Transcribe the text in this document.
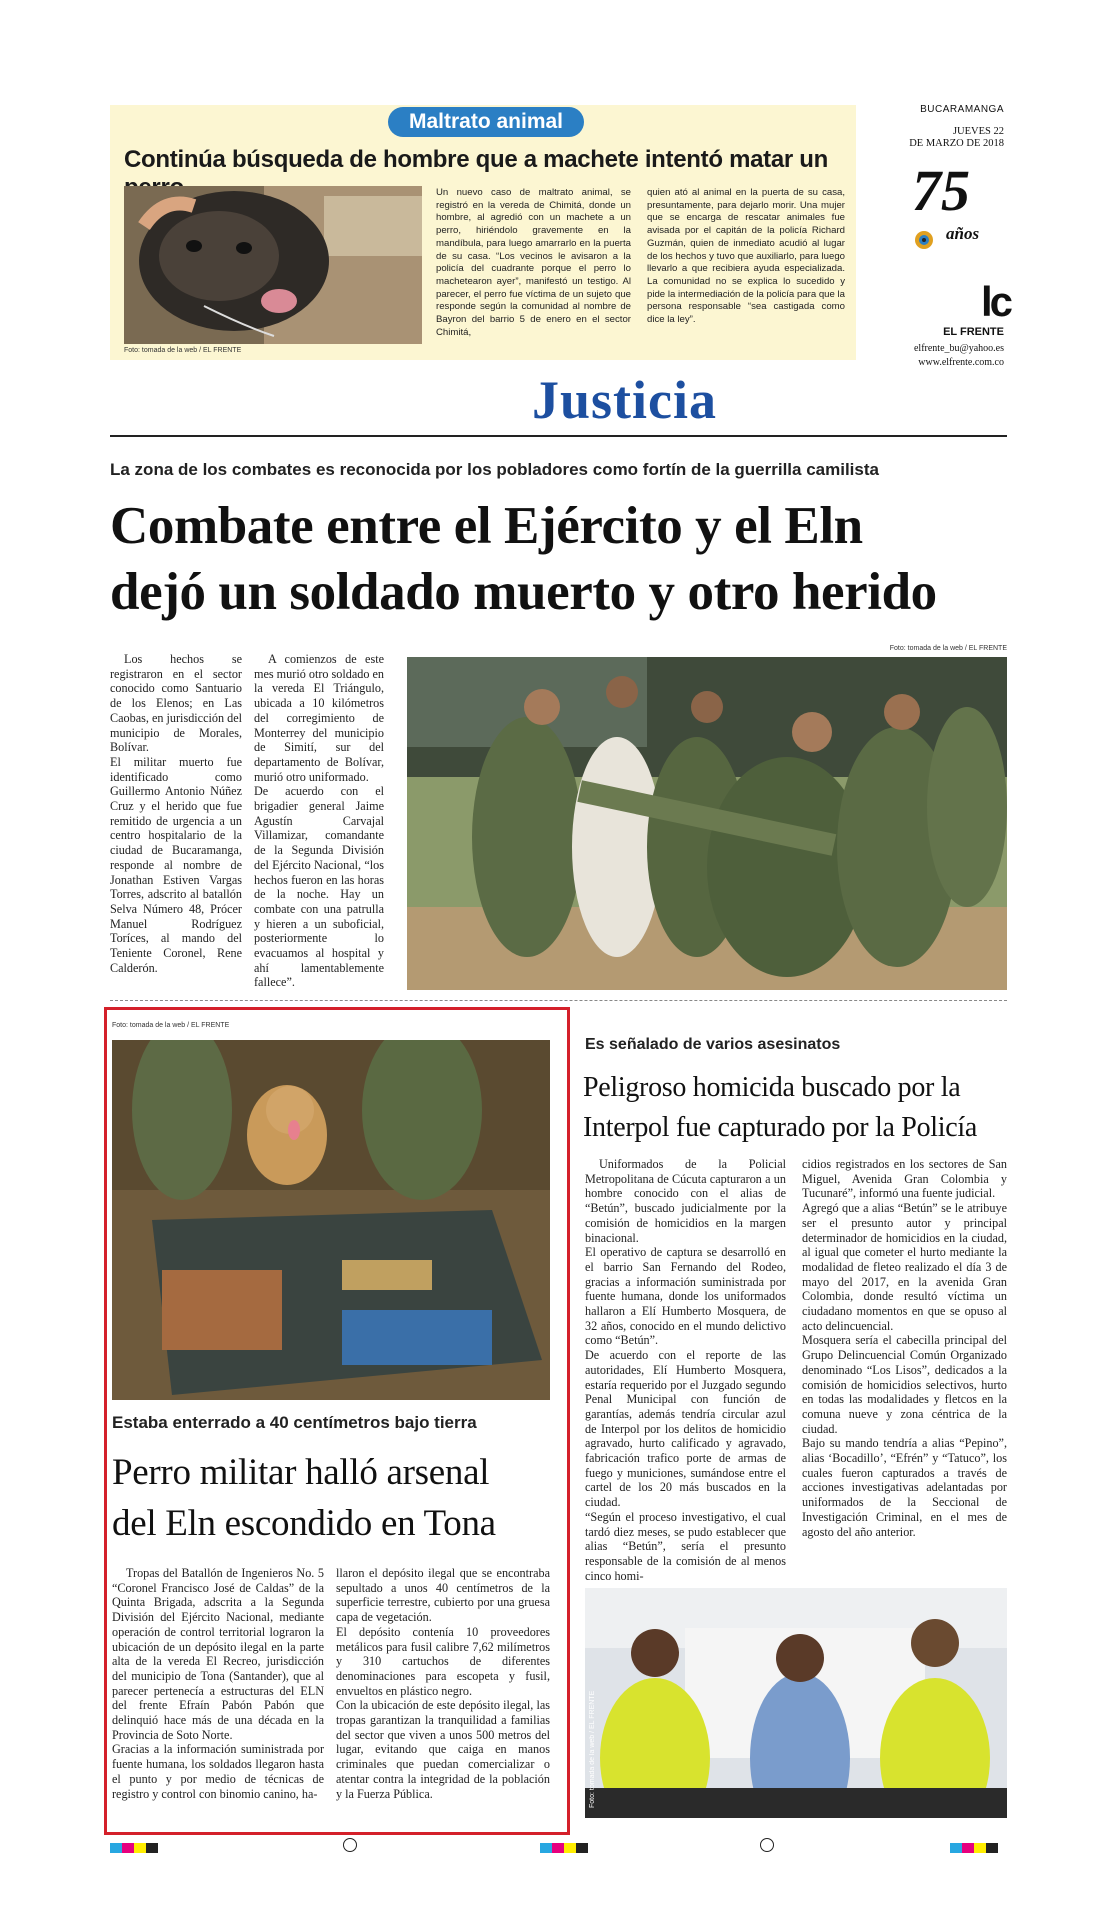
Maltrato animal
Continúa búsqueda de hombre que a machete intentó matar un
Foto: tomada de la web / EL FRENTE
Un nuevo caso de maltrato animal, se registró en la vereda de Chimitá, donde un hombre, al agredió con un machete a un perro, hiriéndolo gravemente en la mandíbula, para luego amarrarlo en la puerta de su casa. “Los vecinos le avisaron a la policía del cuadrante porque el perro lo machetearon ayer”, manifestó un testigo. Al parecer, el perro fue víctima de un sujeto que responde según la comunidad al nombre de Bayron del barrio 5 de enero en el sector Chimitá,
quien ató al animal en la puerta de su casa, presuntamente, para dejarlo morir. Una mujer que se encarga de rescatar animales fue avisada por el capitán de la policía Richard Guzmán, quien de inmediato acudió al lugar de los hechos y tuvo que auxiliarlo, para luego llevarlo a que recibiera ayuda especializada. La comunidad no se explica lo sucedido y pide la intermediación de la policía para que la persona responsable “sea castigada como dice la ley”.
BUCARAMANGA
JUEVES 22
DE MARZO DE 2018
75
años
lc
EL FRENTE
elfrente_bu@yahoo.es
www.elfrente.com.co
Justicia
La zona de los combates es reconocida por los pobladores como fortín de la guerrilla camilista
Combate entre el Ejército y el Eln
dejó un soldado muerto y otro herido

Los hechos se registraron en el sector conocido como Santuario de los Elenos; en Las Caobas, en jurisdicción del municipio de Morales, Bolívar.
El militar muerto fue identificado como Guillermo Antonio Núñez Cruz y el herido que fue remitido de urgencia a un centro hospitalario de la ciudad de Bucaramanga, responde al nombre de Jonathan Estiven Vargas Torres, adscrito al batallón Selva Número 48, Prócer Manuel Rodríguez Toríces, al mando del Teniente Coronel, Rene Calderón.

A comienzos de este mes murió otro soldado en la vereda El Triángulo, ubicada a 10 kilómetros del corregimiento de Monterrey del municipio de Simití, sur del departamento de Bolívar, murió otro uniformado.
De acuerdo con el brigadier general Jaime Agustín Carvajal Villamizar, comandante de la Segunda División del Ejército Nacional, “los hechos fueron en las horas de la noche. Hay un combate con una patrulla y hieren a un suboficial, posteriormente lo evacuamos al hospital y ahí lamentablemente fallece”.

Foto: tomada de la web / EL FRENTE
Foto: tomada de la web / EL FRENTE
Estaba enterrado a 40 centímetros bajo tierra
Perro militar halló arsenal
del Eln escondido en Tona

Tropas del Batallón de Ingenieros No. 5 “Coronel Francisco José de Caldas” de la Quinta Brigada, adscrita a la Segunda División del Ejército Nacional, mediante operación de control territorial lograron la ubicación de un depósito ilegal en la parte alta de la vereda El Recreo, jurisdicción del municipio de Tona (Santander), que al parecer pertenecía a estructuras del ELN del frente Efraín Pabón Pabón que delinquió hace más de una década en la Provincia de Soto Norte.
Gracias a la información suministrada por fuente humana, los soldados llegaron hasta el punto y por medio de técnicas de registro y control con binomio canino, ha-

llaron el depósito ilegal que se encontraba sepultado a unos 40 centímetros de la superficie terrestre, cubierto por una gruesa capa de vegetación.
El depósito contenía 10 proveedores metálicos para fusil calibre 7,62 milímetros y 310 cartuchos de diferentes denominaciones para escopeta y fusil, envueltos en plástico negro.
Con la ubicación de este depósito ilegal, las tropas garantizan la tranquilidad a familias del sector que viven a unos 500 metros del lugar, evitando que caiga en manos criminales que puedan comercializar o atentar contra la integridad de la población y la Fuerza Pública.

Es señalado de varios asesinatos
Peligroso homicida buscado por la
Interpol fue capturado por la Policía

Uniformados de la Policial Metropolitana de Cúcuta capturaron a un hombre conocido con el alias de “Betún”, buscado judicialmente por la comisión de homicidios en la margen binacional.
El operativo de captura se desarrolló en el barrio San Fernando del Rodeo, gracias a información suministrada por fuente humana, donde los uniformados hallaron a Elí Humberto Mosquera, de 32 años, conocido en el mundo delictivo como “Betún”.
De acuerdo con el reporte de las autoridades, Elí Humberto Mosquera, estaría requerido por el Juzgado segundo Penal Municipal con función de garantías, además tendría circular azul de Interpol por los delitos de homicidio agravado, hurto calificado y agravado, fabricación trafico porte de armas de fuego y municiones, sumándose entre el cartel de los 20 más buscados en la ciudad.
“Según el proceso investigativo, el cual tardó diez meses, se pudo establecer que alias “Betún”, sería el presunto responsable de la comisión de al menos cinco homi-

cidios registrados en los sectores de San Miguel, Avenida Gran Colombia y Tucunaré”, informó una fuente judicial.
Agregó que a alias “Betún” se le atribuye ser el presunto autor y principal determinador de homicidios en la ciudad, al igual que cometer el hurto mediante la modalidad de fleteo realizado el día 3 de mayo del 2017, en la avenida Gran Colombia, donde resultó víctima un ciudadano momentos en que se opuso al acto delincuencial.
Mosquera sería el cabecilla principal del Grupo Delincuencial Común Organizado denominado “Los Lisos”, dedicados a la comisión de homicidios selectivos, hurto en todas las modalidades y fletcos en la comuna nueve y zona céntrica de la ciudad.
Bajo su mando tendría a alias “Pepino”, alias ‘Bocadillo’, “Efrén” y “Tatuco”, los cuales fueron capturados a través de acciones investigativas adelantadas por uniformados de la Seccional de Investigación Criminal, en el mes de agosto del año anterior.

Foto: tomada de la web / EL FRENTE
